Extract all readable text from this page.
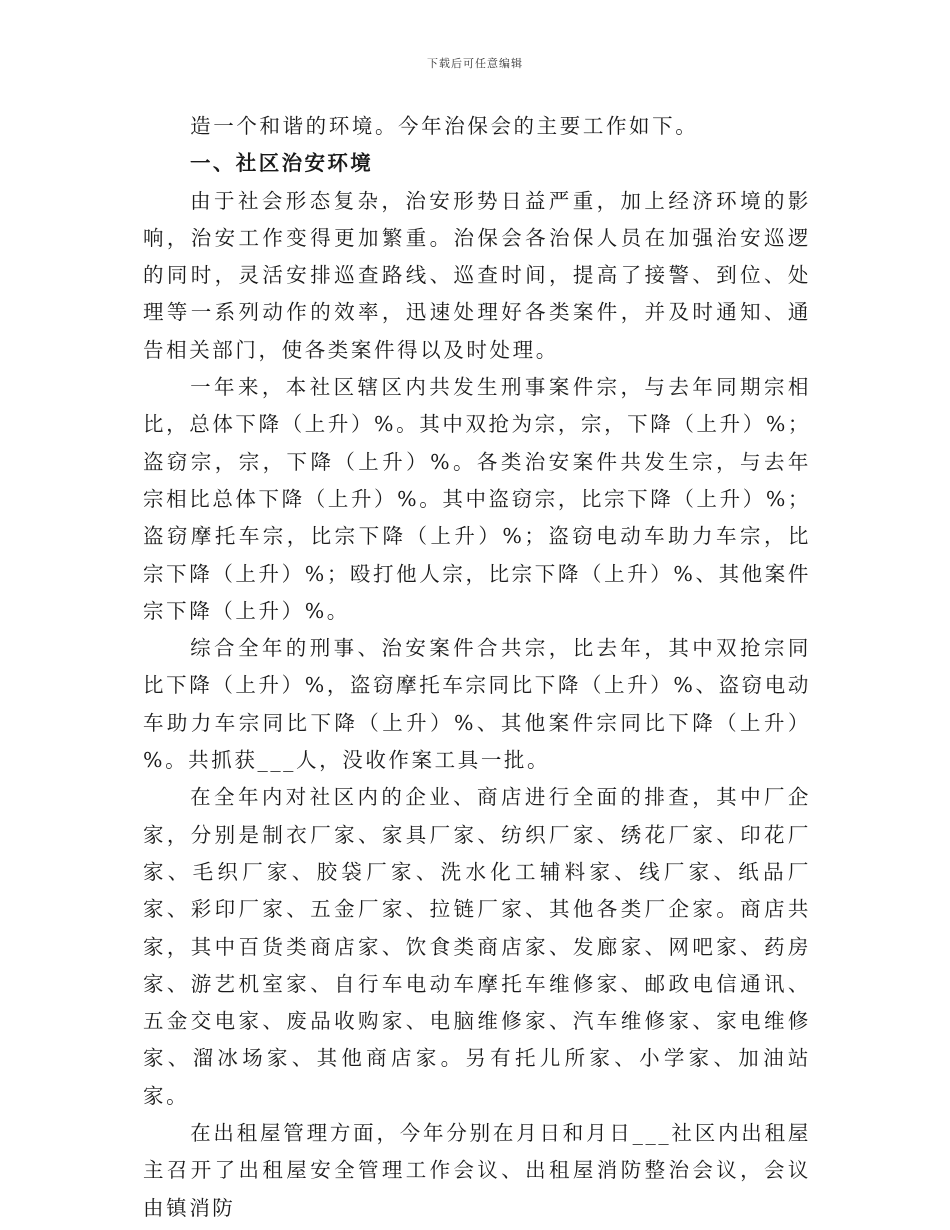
下载后可任意编辑

造一个和谐的环境。今年治保会的主要工作如下。

一、社区治安环境

由于社会形态复杂，治安形势日益严重，加上经济环境的影响，治安工作变得更加繁重。治保会各治保人员在加强治安巡逻的同时，灵活安排巡查路线、巡查时间，提高了接警、到位、处理等一系列动作的效率，迅速处理好各类案件，并及时通知、通告相关部门，使各类案件得以及时处理。

一年来，本社区辖区内共发生刑事案件宗，与去年同期宗相比，总体下降（上升）%。其中双抢为宗，宗，下降（上升）%；盗窃宗，宗，下降（上升）%。各类治安案件共发生宗，与去年宗相比总体下降（上升）%。其中盗窃宗，比宗下降（上升）%；盗窃摩托车宗，比宗下降（上升）%；盗窃电动车助力车宗，比宗下降（上升）%；殴打他人宗，比宗下降（上升）%、其他案件宗下降（上升）%。

综合全年的刑事、治安案件合共宗，比去年，其中双抢宗同比下降（上升）%，盗窃摩托车宗同比下降（上升）%、盗窃电动车助力车宗同比下降（上升）%、其他案件宗同比下降（上升）%。共抓获___人，没收作案工具一批。

在全年内对社区内的企业、商店进行全面的排查，其中厂企家，分别是制衣厂家、家具厂家、纺织厂家、绣花厂家、印花厂家、毛织厂家、胶袋厂家、洗水化工辅料家、线厂家、纸品厂家、彩印厂家、五金厂家、拉链厂家、其他各类厂企家。商店共家，其中百货类商店家、饮食类商店家、发廊家、网吧家、药房家、游艺机室家、自行车电动车摩托车维修家、邮政电信通讯、五金交电家、废品收购家、电脑维修家、汽车维修家、家电维修家、溜冰场家、其他商店家。另有托儿所家、小学家、加油站家。

在出租屋管理方面，今年分别在月日和月日___社区内出租屋主召开了出租屋安全管理工作会议、出租屋消防整治会议，会议由镇消防
